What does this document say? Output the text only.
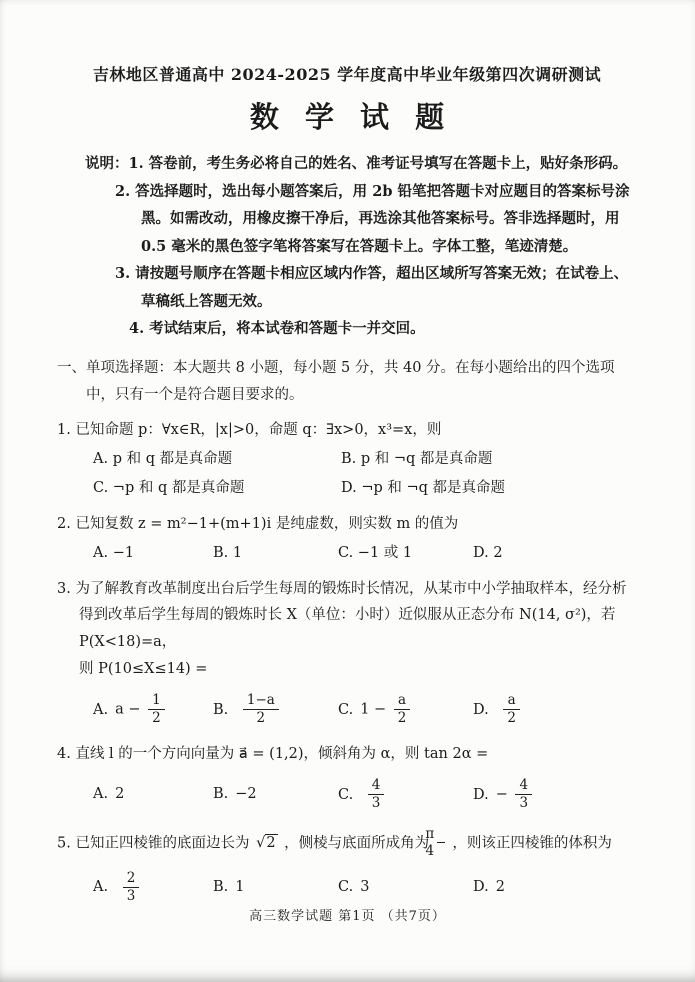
吉林地区普通高中 2024-2025 学年度高中毕业年级第四次调研测试
数 学 试 题
说明：1. 答卷前，考生务必将自己的姓名、准考证号填写在答题卡上，贴好条形码。
2. 答选择题时，选出每小题答案后，用 2b 铅笔把答题卡对应题目的答案标号涂黑。如需改动，用橡皮擦干净后，再选涂其他答案标号。答非选择题时，用 0.5 毫米的黑色签字笔将答案写在答题卡上。字体工整，笔迹清楚。
3. 请按题号顺序在答题卡相应区域内作答，超出区域所写答案无效；在试卷上、草稿纸上答题无效。
4. 考试结束后，将本试卷和答题卡一并交回。
一、单项选择题：本大题共 8 小题，每小题 5 分，共 40 分。在每小题给出的四个选项中，只有一个是符合题目要求的。
1. 已知命题 p：∀x∈R，|x|>0，命题 q：∃x>0，x³=x，则
A. p 和 q 都是真命题	B. p 和 ¬q 都是真命题
C. ¬p 和 q 都是真命题	D. ¬p 和 ¬q 都是真命题
2. 已知复数 z = m²−1+(m+1)i 是纯虚数，则实数 m 的值为
A. −1	B. 1	C. −1 或 1	D. 2
3. 为了解教育改革制度出台后学生每周的锻炼时长情况，从某市中小学抽取样本，经分析得到改革后学生每周的锻炼时长 X（单位：小时）近似服从正态分布 N(14, σ²)，若 P(X<18)=a，
则 P(10≤X≤14) =
A. $a - \frac{1}{2}$	B. $\frac{1-a}{2}$	C. $1 - \frac{a}{2}$	D. $\frac{a}{2}$
4. 直线 l 的一个方向向量为 a⃗ = (1,2)，倾斜角为 α，则 tan 2α =
A. 2	B. −2	C. $\frac{4}{3}$	D. − $\frac{4}{3}$
5. 已知正四棱锥的底面边长为 √2 ，侧棱与底面所成角为 $\frac{\pi}{4}$ ，则该正四棱锥的体积为
A. $\frac{2}{3}$	B. 1	C. 3	D. 2
高三数学试题 第1页 （共7页）
